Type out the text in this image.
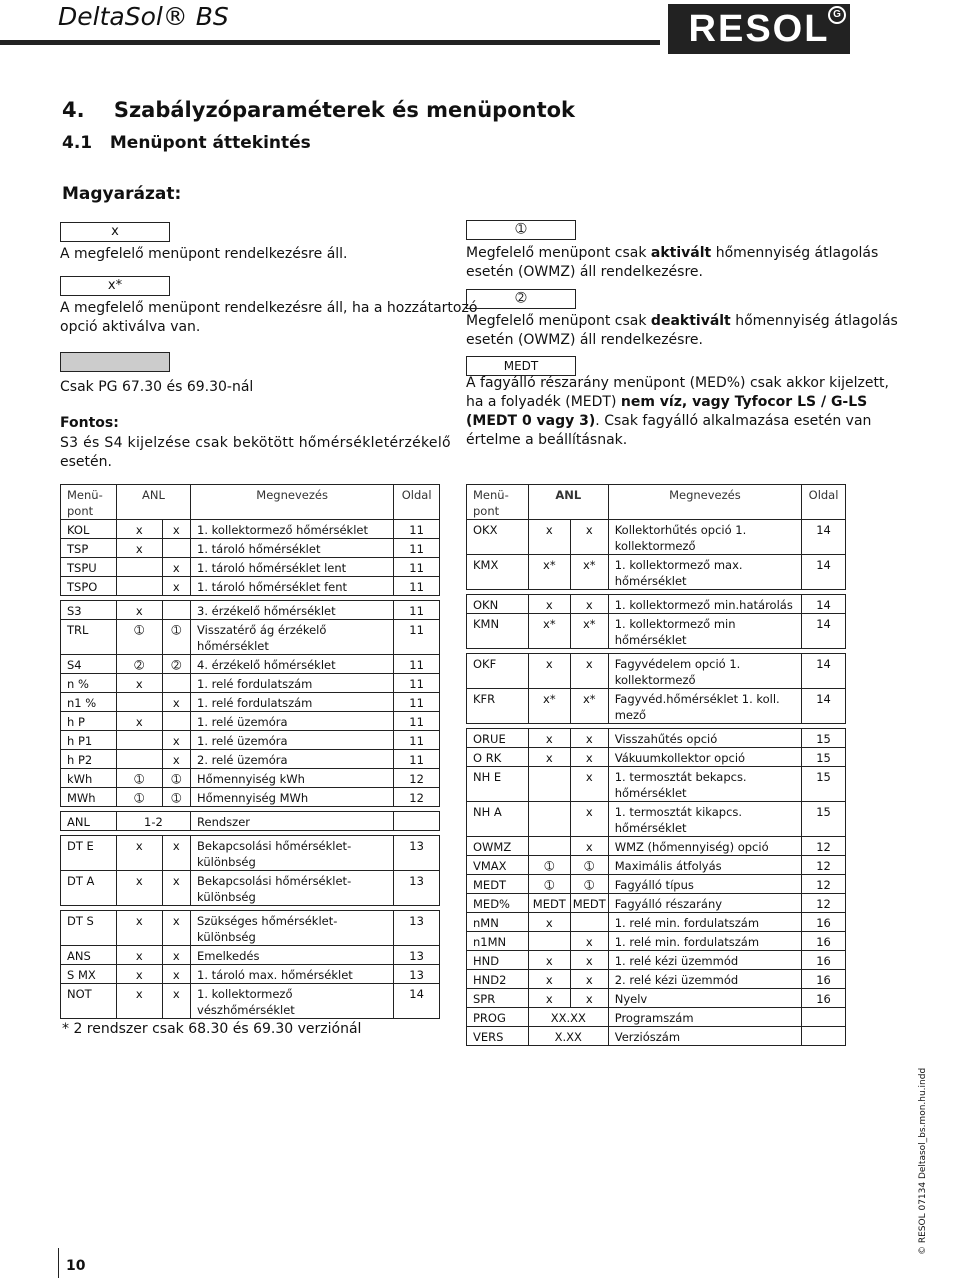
DeltaSol® BS	RESOL G
4.    Szabályzóparaméterek és menüpontok
4.1   Menüpont áttekintés
Magyarázat:
x
A megfelelő menüpont rendelkezésre áll.
x*
A megfelelő menüpont rendelkezésre áll, ha a hozzátartozó
opció aktiválva van.
Csak PG 67.30 és 69.30-nál
Fontos:
S3 és S4 kijelzése csak bekötött hőmérsékletérzékelő
esetén.
➀
Megfelelő menüpont csak aktivált hőmennyiség átlagolás
esetén (OWMZ) áll rendelkezésre.
➁
Megfelelő menüpont csak deaktivált hőmennyiség átlagolás
esetén (OWMZ) áll rendelkezésre.
MEDT
A fagyálló részarány menüpont (MED%) csak akkor kijelzett,
ha a folyadék (MEDT) nem víz, vagy Tyfocor LS / G-LS
(MEDT 0 vagy 3). Csak fagyálló alkalmazása esetén van
értelme a beállításnak.
Menü-
pont	ANL		Megnevezés	Oldal
KOL	x	x	1. kollektormező hőmérséklet	11
TSP	x		1. tároló hőmérséklet	11
TSPU		x	1. tároló hőmérséklet lent	11
TSPO		x	1. tároló hőmérséklet fent	11

S3	x		3. érzékelő hőmérséklet	11
TRL	➀	➀	Visszatérő ág érzékelő hőmérséklet	11
S4	➁	➁	4. érzékelő hőmérséklet	11
n %	x		1. relé fordulatszám	11
n1 %		x	1. relé fordulatszám	11
h P	x		1. relé üzemóra	11
h P1		x	1. relé üzemóra	11
h P2		x	2. relé üzemóra	11
kWh	➀	➀	Hőmennyiség kWh	12
MWh	➀	➀	Hőmennyiség MWh	12

ANL	1-2		Rendszer	

DT E	x	x	Bekapcsolási hőmérséklet-különbség	13
DT A	x	x	Bekapcsolási hőmérséklet-különbség	13

DT S	x	x	Szükséges hőmérséklet-különbség	13
ANS	x	x	Emelkedés	13
S MX	x	x	1. tároló max. hőmérséklet	13
NOT	x	x	1. kollektormező vészhőmérséklet	14
Menü-
pont	ANL		Megnevezés	Oldal
OKX	x	x	Kollektorhűtés opció 1. kollektormező	14
KMX	x*	x*	1. kollektormező max. hőmérséklet	14

OKN	x	x	1. kollektormező min.határolás	14
KMN	x*	x*	1. kollektormező min hőmérséklet	14

OKF	x	x	Fagyvédelem opció 1. kollektormező	14
KFR	x*	x*	Fagyvéd.hőmérséklet 1. koll. mező	14

ORUE	x	x	Visszahűtés opció	15
O RK	x	x	Vákuumkollektor opció	15
NH E		x	1. termosztát bekapcs. hőmérséklet	15
NH A		x	1. termosztát kikapcs. hőmérséklet	15
OWMZ		x	WMZ (hőmennyiség) opció	12
VMAX	➀	➀	Maximális átfolyás	12
MEDT	➀	➀	Fagyálló típus	12
MED%	MEDT	MEDT	Fagyálló részarány	12
nMN	x		1. relé min. fordulatszám	16
n1MN		x	1. relé min. fordulatszám	16
HND	x	x	1. relé kézi üzemmód	16
HND2	x	x	2. relé kézi üzemmód	16
SPR	x	x	Nyelv	16
PROG	XX.XX		Programszám	
VERS	X.XX		Verziószám	
* 2 rendszer csak 68.30 és 69.30 verziónál
10
© RESOL 07134 Deltasol_bs.mon.hu.indd
